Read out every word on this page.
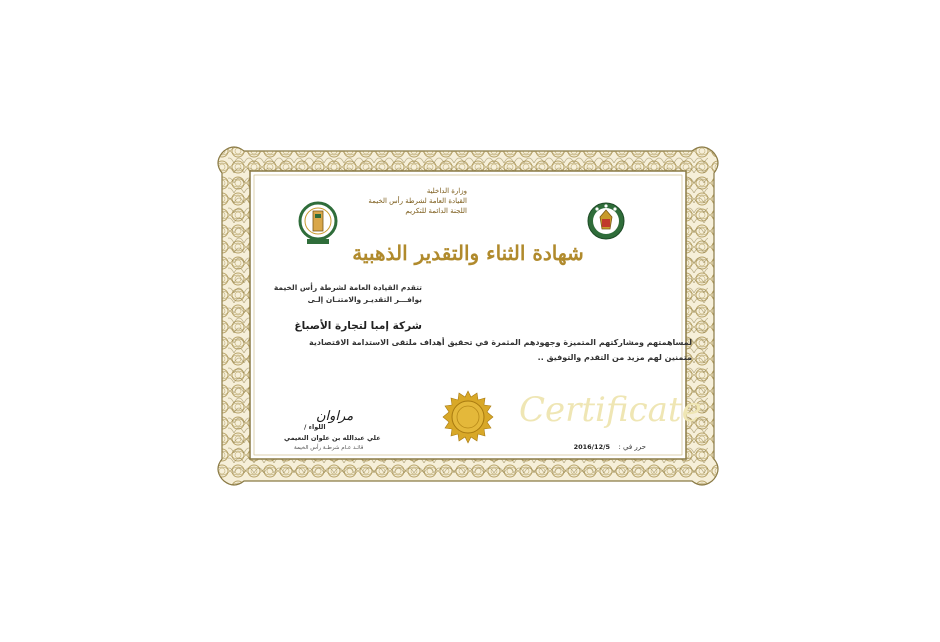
وزارة الداخلية
القيادة العامة لشرطة رأس الخيمة
اللجنة الدائمة للتكريم
شهادة الثناء والتقدير الذهبية
تتقدم القيادة العامة لشرطة رأس الخيمة
بوافـــر التقديـر والامتنـان إلـى
شركة إمبا لتجارة الأصباغ
لمساهمتهم ومشاركتهم المتميزة وجهودهم المثمرة في تحقيق أهداف ملتقى الاستدامة الاقتصادية
متمنين لهم مزيد من التقدم والتوفيق ..
Certificate
مراوان
اللواء /
علي عبدالله بن علوان النعيمي
قائـد عـام شرطـة رأس الخيمة	حرر في :
2016/12/5
